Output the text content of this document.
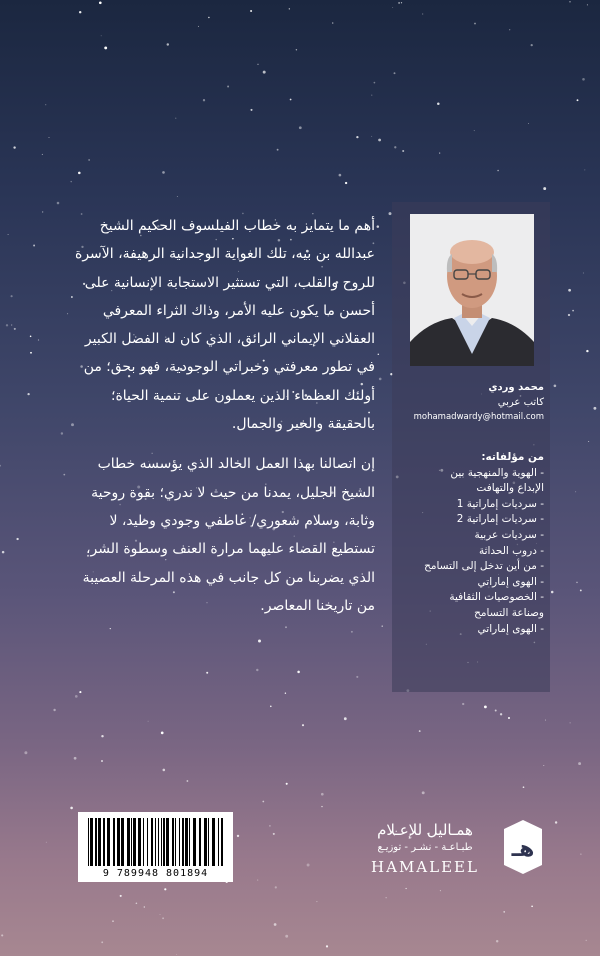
أهم ما يتمايز به خطاب الفيلسوف الحكيم الشيخ عبدالله بن بيه، تلك الغواية الوجدانية الرهيفة، الآسرة للروح والقلب، التي تستثير الاستجابة الإنسانية على أحسن ما يكون عليه الأمر، وذاك الثراء المعرفي العقلاني الإيماني الرائق، الذي كان له الفضل الكبير في تطور معرفتي وخبراتي الوجودية، فهو بحق؛ من أولئك العظماء الذين يعملون على تنمية الحياة؛ بالحقيقة والخير والجمال.

إن اتصالنا بهذا العمل الخالد الذي يؤسسه خطاب الشيخ الجليل، يمدنا من حيث لا ندري؛ بقوة روحية وثابة، وسلام شعوري/ عاطفي وجودي وطيد، لا تستطيع القضاء عليهما مرارة العنف وسطوة الشر، الذي يضربنا من كل جانب في هذه المرحلة العصيبة من تاريخنا المعاصر.

محمد وردي
كاتب عربي
mohamadwardy@hotmail.com
من مؤلفاته:
- الهوية والمنهجية بين
الإبداع والتهافت
- سرديات إماراتية 1
- سرديات إماراتية 2
- سرديات عربية
- دروب الحداثة
- من أين تدخل إلى التسامح
- الهوى إماراتي
- الخصوصيات الثقافية
وصناعة التسامح
- الهوى إماراتي
9 789948 801894
همـاليل للإعـلام
طبـاعـة - نشـر - توزيـع
HAMALEEL
هـ
